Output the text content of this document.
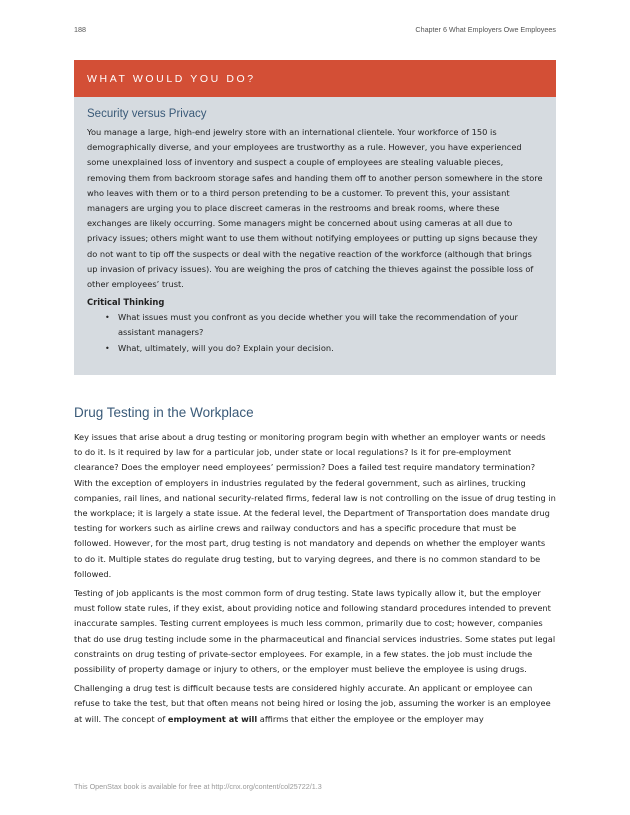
188	Chapter 6 What Employers Owe Employees
WHAT WOULD YOU DO?
Security versus Privacy

You manage a large, high-end jewelry store with an international clientele. Your workforce of 150 is demographically diverse, and your employees are trustworthy as a rule. However, you have experienced some unexplained loss of inventory and suspect a couple of employees are stealing valuable pieces, removing them from backroom storage safes and handing them off to another person somewhere in the store who leaves with them or to a third person pretending to be a customer. To prevent this, your assistant managers are urging you to place discreet cameras in the restrooms and break rooms, where these exchanges are likely occurring. Some managers might be concerned about using cameras at all due to privacy issues; others might want to use them without notifying employees or putting up signs because they do not want to tip off the suspects or deal with the negative reaction of the workforce (although that brings up invasion of privacy issues). You are weighing the pros of catching the thieves against the possible loss of other employees’ trust.

Critical Thinking
• What issues must you confront as you decide whether you will take the recommendation of your assistant managers?
• What, ultimately, will you do? Explain your decision.
Drug Testing in the Workplace

Key issues that arise about a drug testing or monitoring program begin with whether an employer wants or needs to do it. Is it required by law for a particular job, under state or local regulations? Is it for pre-employment clearance? Does the employer need employees’ permission? Does a failed test require mandatory termination? With the exception of employers in industries regulated by the federal government, such as airlines, trucking companies, rail lines, and national security-related firms, federal law is not controlling on the issue of drug testing in the workplace; it is largely a state issue. At the federal level, the Department of Transportation does mandate drug testing for workers such as airline crews and railway conductors and has a specific procedure that must be followed. However, for the most part, drug testing is not mandatory and depends on whether the employer wants to do it. Multiple states do regulate drug testing, but to varying degrees, and there is no common standard to be followed.

Testing of job applicants is the most common form of drug testing. State laws typically allow it, but the employer must follow state rules, if they exist, about providing notice and following standard procedures intended to prevent inaccurate samples. Testing current employees is much less common, primarily due to cost; however, companies that do use drug testing include some in the pharmaceutical and financial services industries. Some states put legal constraints on drug testing of private-sector employees. For example, in a few states. the job must include the possibility of property damage or injury to others, or the employer must believe the employee is using drugs.

Challenging a drug test is difficult because tests are considered highly accurate. An applicant or employee can refuse to take the test, but that often means not being hired or losing the job, assuming the worker is an employee at will. The concept of employment at will affirms that either the employee or the employer may

This OpenStax book is available for free at http://cnx.org/content/col25722/1.3
